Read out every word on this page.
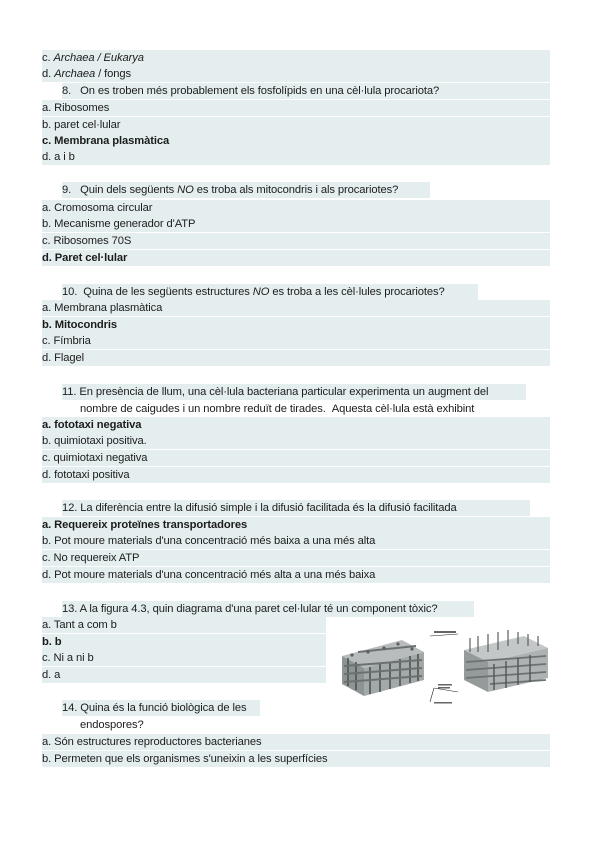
c. Archaea / Eukarya
d. Archaea / fongs
8.   On es troben més probablement els fosfolípids en una cèl·lula procariota?
a. Ribosomes
b. paret cel·lular
c. Membrana plasmàtica
d. a i b
9.   Quin dels següents NO es troba als mitocondris i als procariotes?
a. Cromosoma circular
b. Mecanisme generador d'ATP
c. Ribosomes 70S
d. Paret cel·lular
10.  Quina de les següents estructures NO es troba a les cèl·lules procariotes?
a. Membrana plasmàtica
b. Mitocondris
c. Fímbria
d. Flagel
11. En presència de llum, una cèl·lula bacteriana particular experimenta un augment del
nombre de caigudes i un nombre reduït de tirades.  Aquesta cèl·lula està exhibint
a. fototaxi negativa
b. quimiotaxi positiva.
c. quimiotaxi negativa
d. fototaxi positiva
12. La diferència entre la difusió simple i la difusió facilitada és la difusió facilitada
a. Requereix proteïnes transportadores
b. Pot moure materials d'una concentració més baixa a una més alta
c. No requereix ATP
d. Pot moure materials d'una concentració més alta a una més baixa
13. A la figura 4.3, quin diagrama d'una paret cel·lular té un component tòxic?
a. Tant a com b
b. b
c. Ni a ni b
d. a
14. Quina és la funció biològica de les
endospores?
a. Són estructures reproductores bacterianes
b. Permeten que els organismes s'uneixin a les superfícies
